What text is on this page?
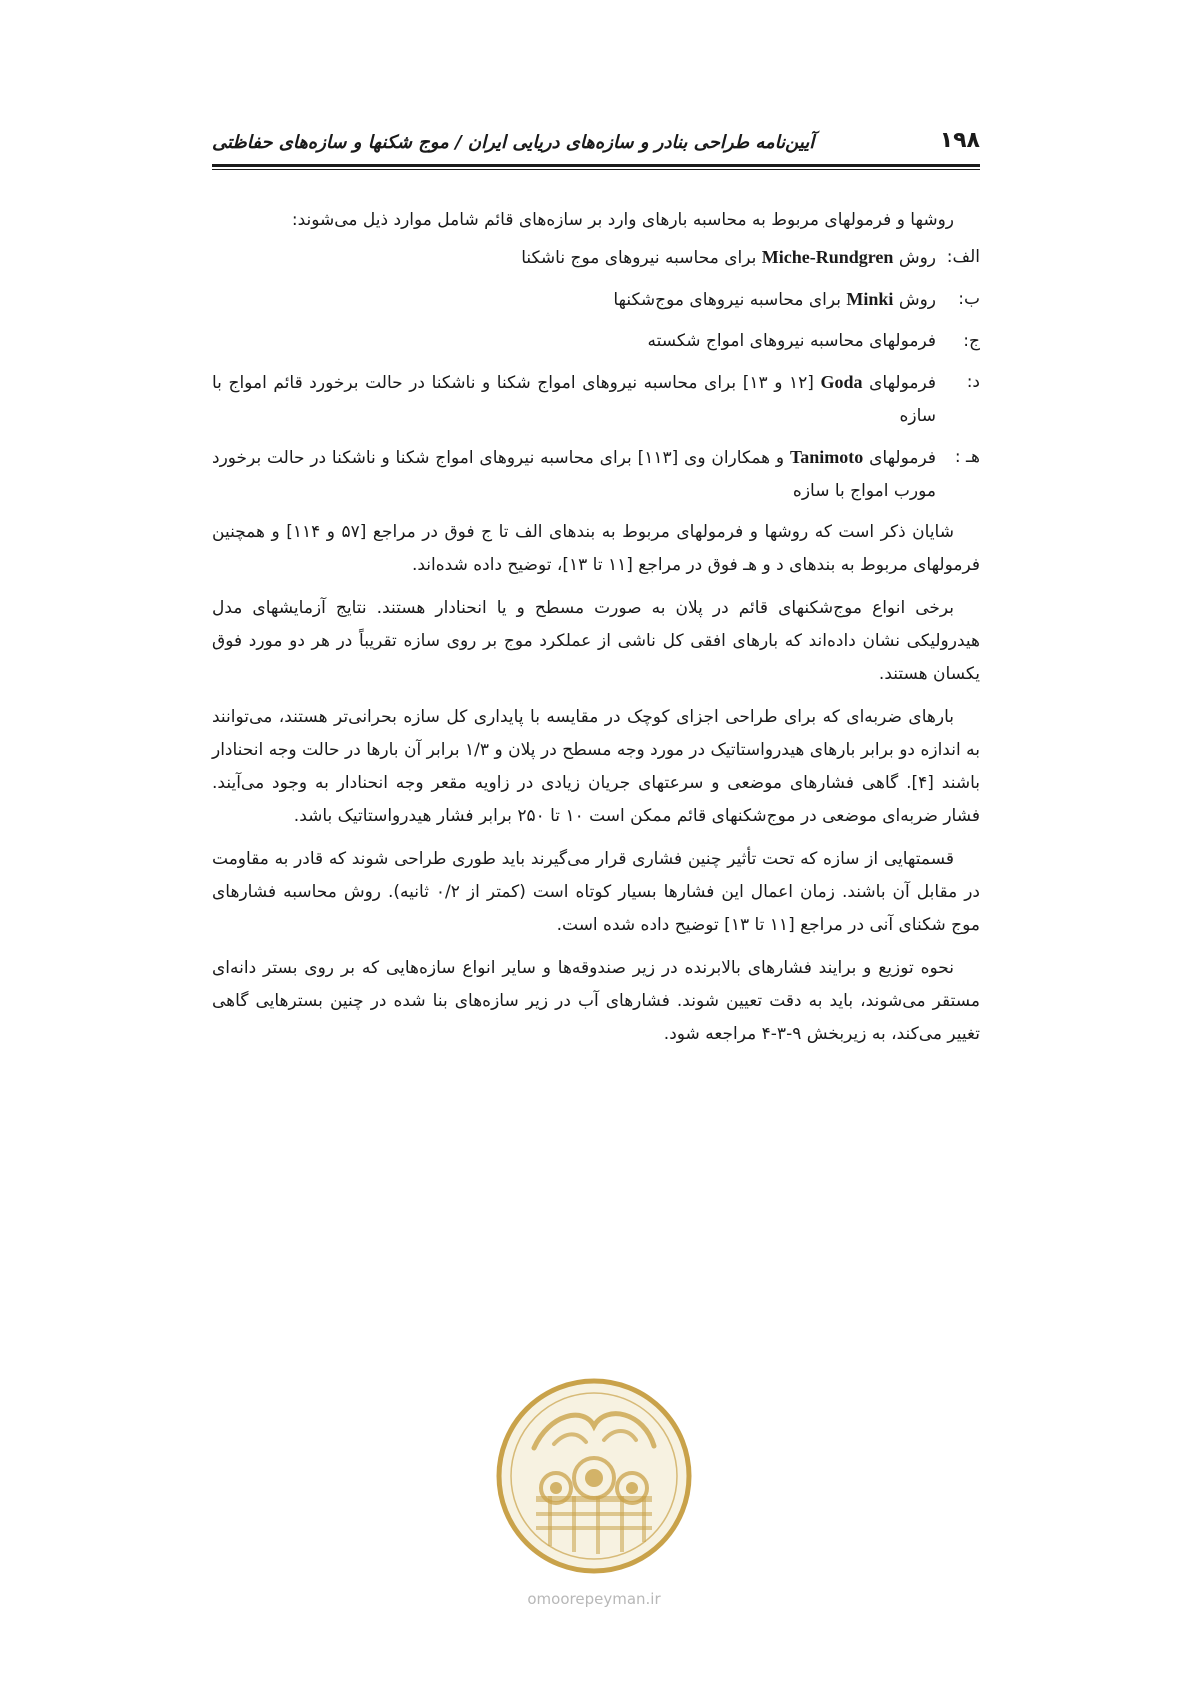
۱۹۸
آیین‌نامه طراحی بنادر و سازه‌های دریایی ایران / موج شکنها و سازه‌های حفاظتی

روشها و فرمولهای مربوط به محاسبه بارهای وارد بر سازه‌های قائم شامل موارد ذیل می‌شوند:

الف:
روش Miche-Rundgren برای محاسبه نیروهای موج ناشکنا
ب:
روش Minki برای محاسبه نیروهای موج‌شکنها
ج:
فرمولهای محاسبه نیروهای امواج شکسته
د:
فرمولهای Goda [۱۲ و ۱۳] برای محاسبه نیروهای امواج شکنا و ناشکنا در حالت برخورد قائم امواج با سازه
هـ :
فرمولهای Tanimoto و همکاران وی [۱۱۳] برای محاسبه نیروهای امواج شکنا و ناشکنا در حالت برخورد مورب امواج با سازه

شایان ذکر است که روشها و فرمولهای مربوط به بندهای الف تا ج فوق در مراجع [۵۷ و ۱۱۴] و همچنین فرمولهای مربوط به بندهای د و هـ فوق در مراجع [۱۱ تا ۱۳]، توضیح داده شده‌اند.

برخی انواع موج‌شکنهای قائم در پلان به صورت مسطح و یا انحنادار هستند. نتایج آزمایشهای مدل هیدرولیکی نشان داده‌اند که بارهای افقی کل ناشی از عملکرد موج بر روی سازه تقریباً در هر دو مورد فوق یکسان هستند.

بارهای ضربه‌ای که برای طراحی اجزای کوچک در مقایسه با پایداری کل سازه بحرانی‌تر هستند، می‌توانند به اندازه دو برابر بارهای هیدرواستاتیک در مورد وجه مسطح در پلان و ۱/۳ برابر آن بارها در حالت وجه انحنادار باشند [۴]. گاهی فشارهای موضعی و سرعتهای جریان زیادی در زاویه مقعر وجه انحنادار به وجود می‌آیند. فشار ضربه‌ای موضعی در موج‌شکنهای قائم ممکن است ۱۰ تا ۲۵۰ برابر فشار هیدرواستاتیک باشد.

قسمتهایی از سازه که تحت تأثیر چنین فشاری قرار می‌گیرند باید طوری طراحی شوند که قادر به مقاومت در مقابل آن باشند. زمان اعمال این فشارها بسیار کوتاه است (کمتر از ۰/۲ ثانیه). روش محاسبه فشارهای موج شکنای آنی در مراجع [۱۱ تا ۱۳] توضیح داده شده است.

نحوه توزیع و برایند فشارهای بالابرنده در زیر صندوقه‌ها و سایر انواع سازه‌هایی که بر روی بستر دانه‌ای مستقر می‌شوند، باید به دقت تعیین شوند. فشارهای آب در زیر سازه‌های بنا شده در چنین بسترهایی گاهی تغییر می‌کند، به زیربخش ۹-۳-۴ مراجعه شود.

omoorepeyman.ir
